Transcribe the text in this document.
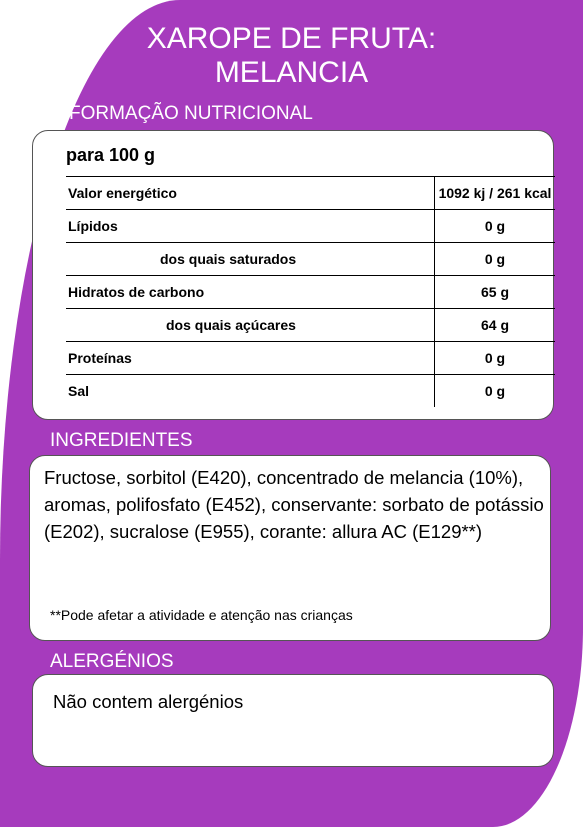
XAROPE DE FRUTA:
MELANCIA
INFORMAÇÃO NUTRICIONAL
para 100 g
Valor energético	1092 kj / 261 kcal
Lípidos	0 g
dos quais saturados	0 g
Hidratos de carbono	65 g
dos quais açúcares	64 g
Proteínas	0 g
Sal	0 g
INGREDIENTES
Fructose, sorbitol (E420), concentrado de melancia (10%), aromas, polifosfato (E452), conservante: sorbato de potássio (E202), sucralose (E955), corante: allura AC (E129**)
**Pode afetar a atividade e atenção nas crianças
ALERGÉNIOS
Não contem alergénios
